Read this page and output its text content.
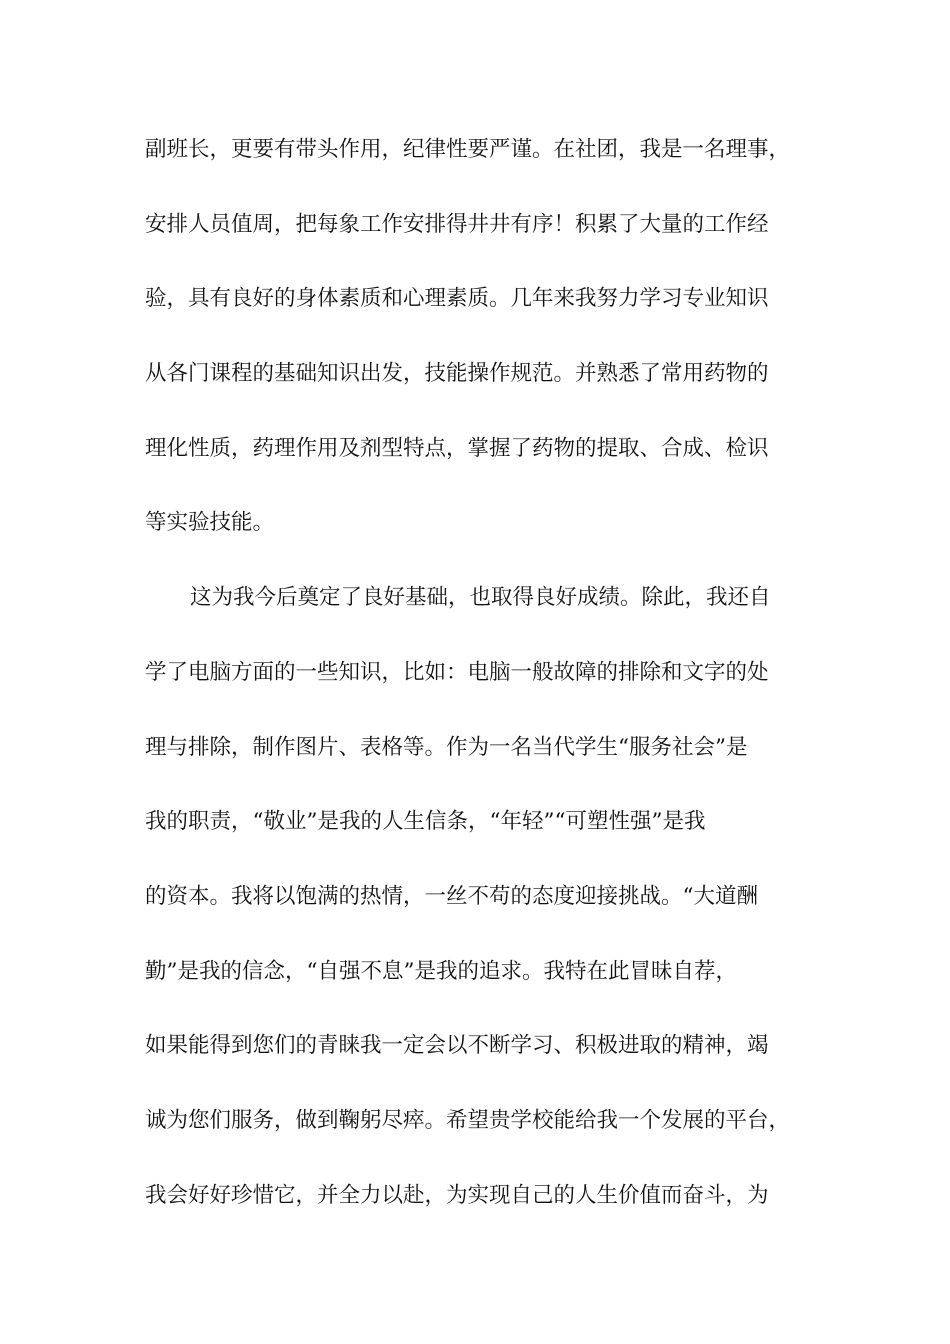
副班长，更要有带头作用，纪律性要严谨。在社团，我是一名理事，
安排人员值周，把每象工作安排得井井有序！积累了大量的工作经
验，具有良好的身体素质和心理素质。几年来我努力学习专业知识
从各门课程的基础知识出发，技能操作规范。并熟悉了常用药物的
理化性质，药理作用及剂型特点，掌握了药物的提取、合成、检识
等实验技能。
这为我今后奠定了良好基础，也取得良好成绩。除此，我还自
学了电脑方面的一些知识，比如：电脑一般故障的排除和文字的处
理与排除，制作图片、表格等。作为一名当代学生“服务社会”是
我的职责，“敬业”是我的人生信条，“年轻”“可塑性强”是我
的资本。我将以饱满的热情，一丝不苟的态度迎接挑战。“大道酬
勤”是我的信念，“自强不息”是我的追求。我特在此冒昧自荐，
如果能得到您们的青睐我一定会以不断学习、积极进取的精神，竭
诚为您们服务，做到鞠躬尽瘁。希望贵学校能给我一个发展的平台，
我会好好珍惜它，并全力以赴，为实现自己的人生价值而奋斗，为
